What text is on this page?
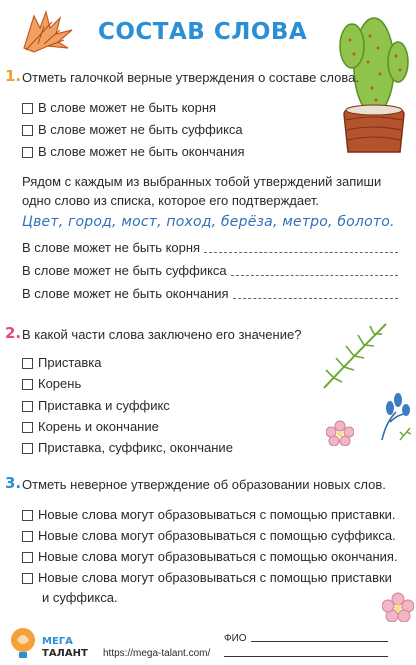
СОСТАВ СЛОВА
1. Отметь галочкой верные утверждения о составе слова.
В слове может не быть корня
В слове может не быть суффикса
В слове может не быть окончания
Рядом с каждым из выбранных тобой утверждений запиши одно слово из списка, которое его подтверждает.
Цвет, город, мост, поход, берёза, метро, болото.
В слове может не быть корня
В слове может не быть суффикса
В слове может не быть окончания
2. В какой части слова заключено его значение?
Приставка
Корень
Приставка и суффикс
Корень и окончание
Приставка, суффикс, окончание
3. Отметь неверное утверждение об образовании новых слов.
Новые слова могут образовываться с помощью приставки.
Новые слова могут образовываться с помощью суффикса.
Новые слова могут образовываться с помощью окончания.
Новые слова могут образовываться с помощью приставки
и суффикса.
МЕГА
ТАЛАНТ https://mega-talant.com/
ФИО
